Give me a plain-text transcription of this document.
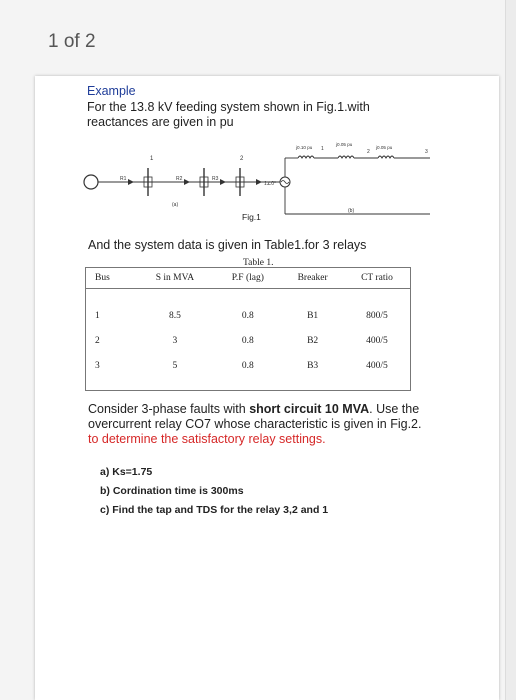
1 of 2
Example
For the 13.8 kV feeding system shown in Fig.1.with reactances are given in pu
1	2
R1	R2	R3
(a)
1∠0°
j0.10 pu
j0.05 pu
j0.05 pu
1	2	3
(b)
Fig.1
And the system data is given in Table1.for 3 relays
Table 1.
Bus	S in MVA	P.F (lag)	Breaker	CT ratio

1	8.5	0.8	B1	800/5
2	3	0.8	B2	400/5
3	5	0.8	B3	400/5
Consider 3-phase faults with short circuit 10 MVA. Use the overcurrent relay CO7 whose characteristic is given in Fig.2. to determine the satisfactory relay settings.
a) Ks=1.75
b) Cordination time is 300ms
c) Find the tap and TDS for the relay 3,2 and 1
